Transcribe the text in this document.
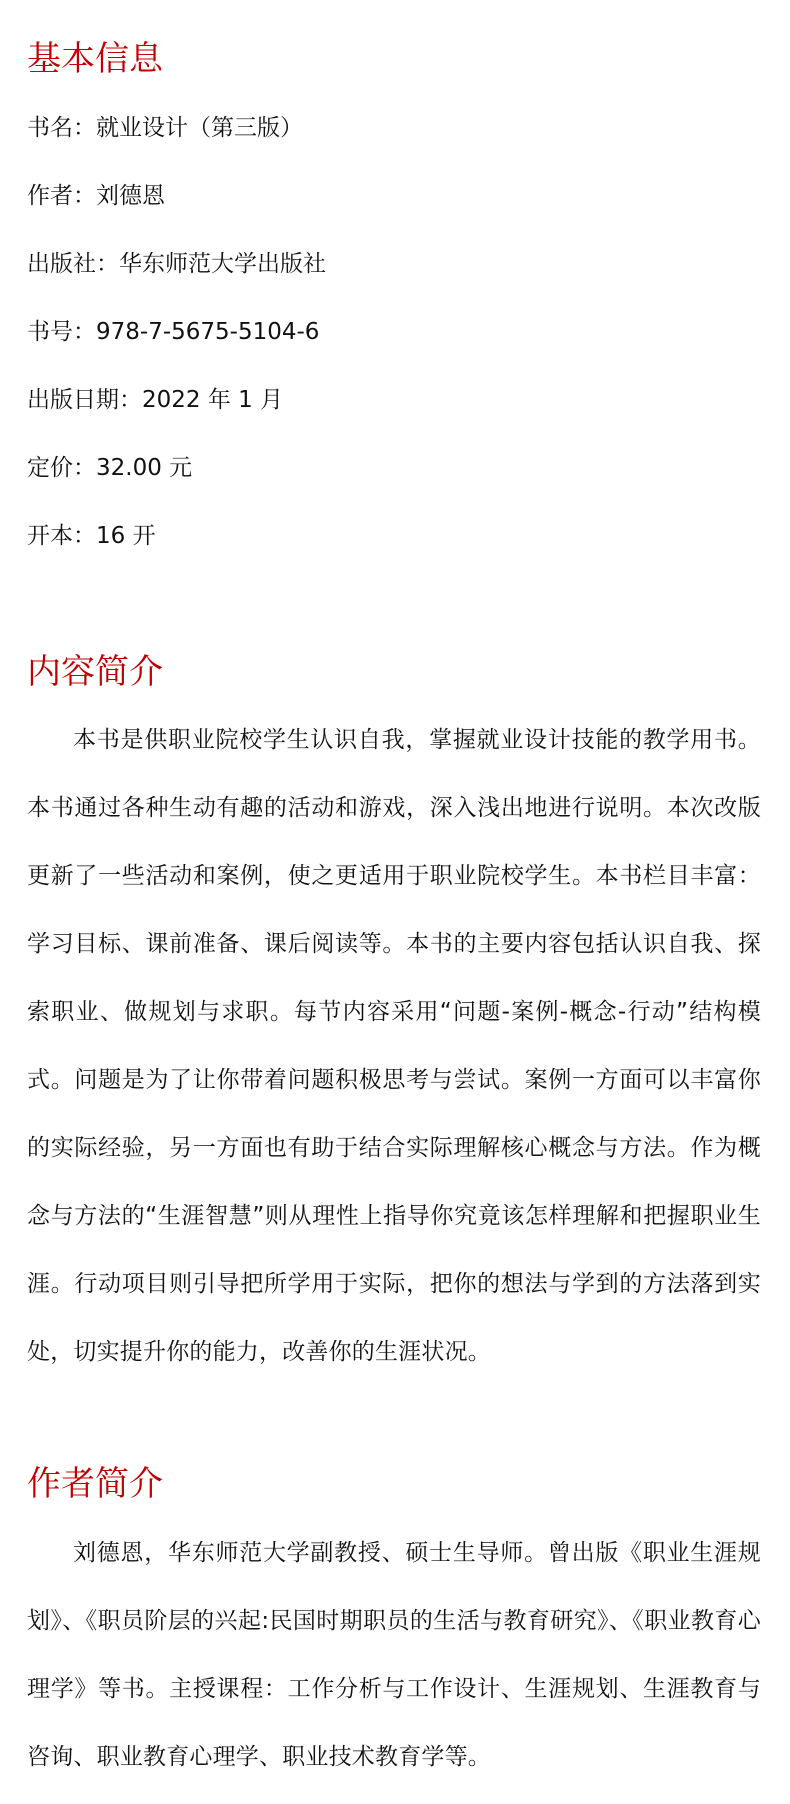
基本信息
书名：就业设计（第三版）
作者：刘德恩
出版社：华东师范大学出版社
书号：978-7-5675-5104-6
出版日期：2022 年 1 月
定价：32.00 元
开本：16 开
内容简介

本书是供职业院校学生认识自我，掌握就业设计技能的教学用书。本书通过各种生动有趣的活动和游戏，深入浅出地进行说明。本次改版更新了一些活动和案例，使之更适用于职业院校学生。本书栏目丰富：学习目标、课前准备、课后阅读等。本书的主要内容包括认识自我、探索职业、做规划与求职。每节内容采用“问题-案例-概念-行动”结构模式。问题是为了让你带着问题积极思考与尝试。案例一方面可以丰富你的实际经验，另一方面也有助于结合实际理解核心概念与方法。作为概念与方法的“生涯智慧”则从理性上指导你究竟该怎样理解和把握职业生涯。行动项目则引导把所学用于实际，把你的想法与学到的方法落到实处，切实提升你的能力，改善你的生涯状况。

作者简介

刘德恩，华东师范大学副教授、硕士生导师。曾出版《职业生涯规划》、《职员阶层的兴起:民国时期职员的生活与教育研究》、《职业教育心理学》等书。主授课程：工作分析与工作设计、生涯规划、生涯教育与咨询、职业教育心理学、职业技术教育学等。
